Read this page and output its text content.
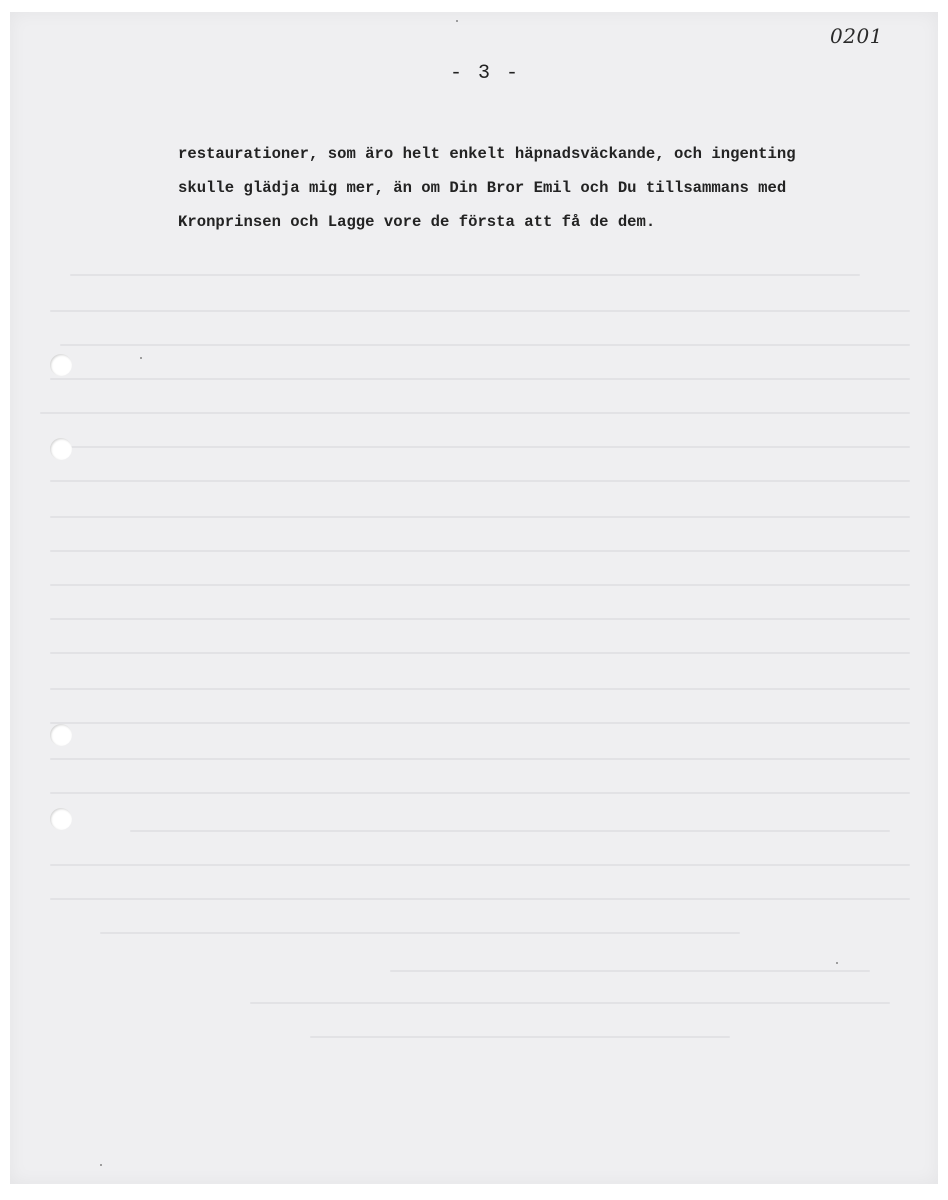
0201
- 3 -
restaurationer, som äro helt enkelt häpnadsväckande, och ingenting
skulle glädja mig mer, än om Din Bror Emil och Du tillsammans med
Kronprinsen och Lagge vore de första att få de dem.
